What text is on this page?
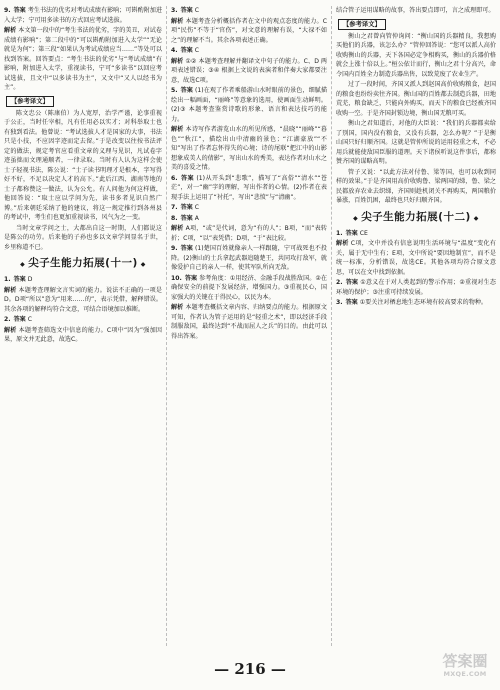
9. 答案 考生书法的优劣对考试成绩有影响；可斟酌附加进入太学；宁可用多读书的方式回应考试选拔。

解析 本文第一段中的“考生书法的优劣，字的美丑，对试卷成绩有影响”；第二段中的“可以斟酌附加进入太学”“无论就是为何”；第三段“如果认为考试成绩应当……”等处可以找到答案。回答要点：“考生书法的优劣”与“考试成绩”有影响，附加进入太学，重视读书，宁可“多读书”以回应考试选拔，且文中“以多读书为主”，又文中“又人以经书为主”。

【参考译文】

陈文忠公（陈康伯）为人宽厚，治学严谨，论事重视于公正，当时任宰相，凡有任用必以实才；对科举取士也有独到看法。他曾说：“考试选拔人才是国家的大事，书法只是小技，不应因字迹而定去留。”于是改变以往按书法评定的做法，规定考官应看重文章的义理与见识，凡试卷字迹虽拙而文理通顺者，一律录取。当时有人认为这样会使士子轻视书法，陈公说：“士子读书明理才是根本，字写得好不好，不足以决定人才的高下。”此后江西、湖南等地的士子都称赞这一做法，认为公允。有人问他为何这样做，他回答说：“取士应以学问为先，读书多者见识自然广博。”后来朝廷采纳了他的建议，将这一规定推行到各州县的考试中，考生们也更加重视读书，风气为之一变。

当时文章学问之士，大都出自这一时期，人们都说这是陈公的功劳。后来他的子孙也多以文章学问显名于世，乡里称道不已。

◆ 尖子生能力拓展(十一) ◆

1. 答案 D

解析 本题考查理解文言实词的能力。说法不正确的一项是D。D项“所以”意为“用来……的”，表示凭借，解释错误。其余各项的解释均符合文意，可结合语境加以推断。

2. 答案 C

解析 本题考查筛选文中信息的能力。C项中“因为”强加因果，原文并无此意，故选C。

3. 答案 C

解析 本题考查分析概括作者在文中的观点态度的能力。C项“民伤”不等于“官伤”，对文意的理解有误，“大禄不如之”的理解不当。其余各项表述正确。

4. 答案 C

解析 ①② 本题考查理解并翻译文中句子的能力。C、D 两项表述错误；③④ 根据上文说的表演者和伴奏大家都要注意，故选C项。

5. 答案 (1)在观了作者乘船游山水时眼前的景色，细腻描绘出一幅画面，“丽峰”等意象的选用，使画面生动鲜明。(2)③ 本题考查鉴赏诗歌的形象、语言和表达技巧的能力。

解析 本诗写作者游览山水的所见所感，“晨晓”“丽峰”“暮色”“秋江”，描绘出山中清幽的景色；“江湖豪放”“不知”写出了作者忘怀得失的心境；诗的尾联“把江中的山影想象成美人的倩影”，写出山水的秀美，表达作者对山水之美的喜爱之情。

6. 答案 (1)从开头到“悲歌”，描写了“高俗”“清水”“苍茫”，对一“幽”字的理解，写出作者的心情。(2)作者在表现手法上运用了“衬托”，写出“悲愤”与“清幽”。

7. 答案 C

8. 答案 A

解析 A项，“或”是代词，意为“有的人”；B项，“而”表转折；C项，“以”表凭借；D项，“于”表比较。

9. 答案 (1)楚国百姓就像亲人一样跟随，宁可战死也不投降。(2)衡山的士兵拿起武器追随楚王，共同攻打敌军，就像爱护自己的亲人一样，使其军队所向无敌。

10. 答案 参考角度：①用经济、金融手段战胜敌国。②在确保安全的前提下发展经济，增强国力。③重视民心，国家强大的关键在于得民心，以民为本。

解析 本题考查概括文章内容、归纳要点的能力。根据原文可知，作者认为管子运用的是“轻重之术”，即以经济手段制服敌国，最终达到“不战而屈人之兵”的目的。由此可以得出答案。

结合管子运用谋略的故事，答出要点即可，言之成理即可。

【参考译文】

衡山之君曾向管仲询问：“衡山国的兵器精良，我想购买他们的兵器，该怎么办？”管仲回答说：“您可以派人高价收购衡山的兵器，天下各国必定争相购买，衡山的兵器价格就会上涨十倍以上。”桓公依计而行，衡山之君十分高兴，命令国内百姓全力制造兵器出售，以致荒废了农业生产。

过了一段时间，齐国又派人到赵国高价收购粮食，赵国的粮食也纷纷卖往齐国。衡山国的百姓都去制造兵器，田地荒芜，粮食缺乏，只能向外购买，而天下的粮食已经被齐国收购一空。于是齐国封锁边境，衡山国无粮可买。

衡山之君知道后，对他的大臣说：“我们的兵器都卖给了别国，国内没有粮食，又没有兵器，怎么办呢？”于是衡山国只好归顺齐国。这就是管仲所说的运用轻重之术，不必用兵就能使敌国臣服的道理。天下诸侯听说这件事后，都称赞齐国的谋略高明。

管子又说：“以此方法对付鲁、梁等国，也可以收到同样的效果。”于是齐国用高价收购鲁、梁两国的绨，鲁、梁之民都放弃农业去织绨，齐国则趁机闭关不再购买，两国粮价暴涨，百姓饥困，最终也只好归顺齐国。

◆ 尖子生能力拓展(十二) ◆

1. 答案 CE

解析 C项，文中并没有信息说明生活环境与“温度”变化有关，属于无中生有；E项，文中所说“要因地制宜”，而不是统一标准，分析错误，故选CE。其他各项均符合原文意思，可以在文中找到依据。

2. 答案 ①意义在于对人类起到的警示作用；②重视对生态环境的保护；③注重可持续发展。

3. 答案 ①要关注对栖息地生态环境有较高要求的物种。

— 216 —	答案圈
MXQE.COM
